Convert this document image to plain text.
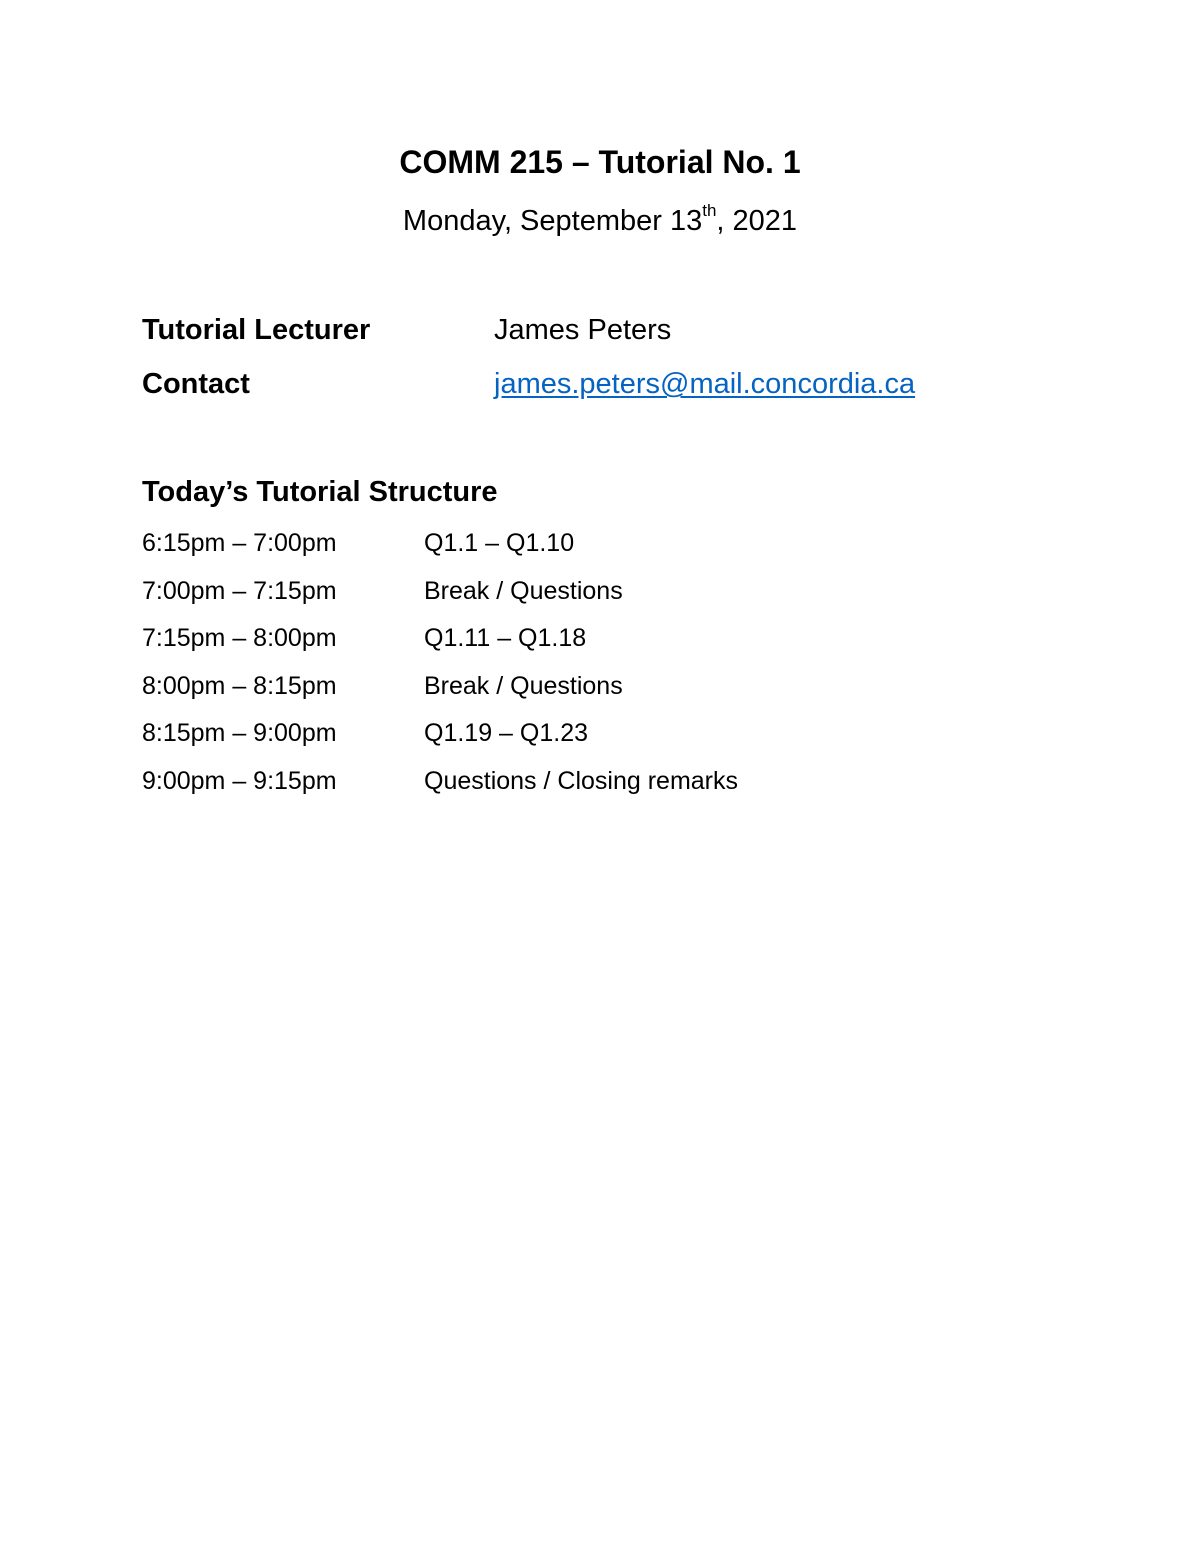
COMM 215 – Tutorial No. 1
Monday, September 13th, 2021
Tutorial Lecturer	James Peters
Contact	james.peters@mail.concordia.ca
Today’s Tutorial Structure
6:15pm – 7:00pm	Q1.1 – Q1.10
7:00pm – 7:15pm	Break / Questions
7:15pm – 8:00pm	Q1.11 – Q1.18
8:00pm – 8:15pm	Break / Questions
8:15pm – 9:00pm	Q1.19 – Q1.23
9:00pm – 9:15pm	Questions / Closing remarks
